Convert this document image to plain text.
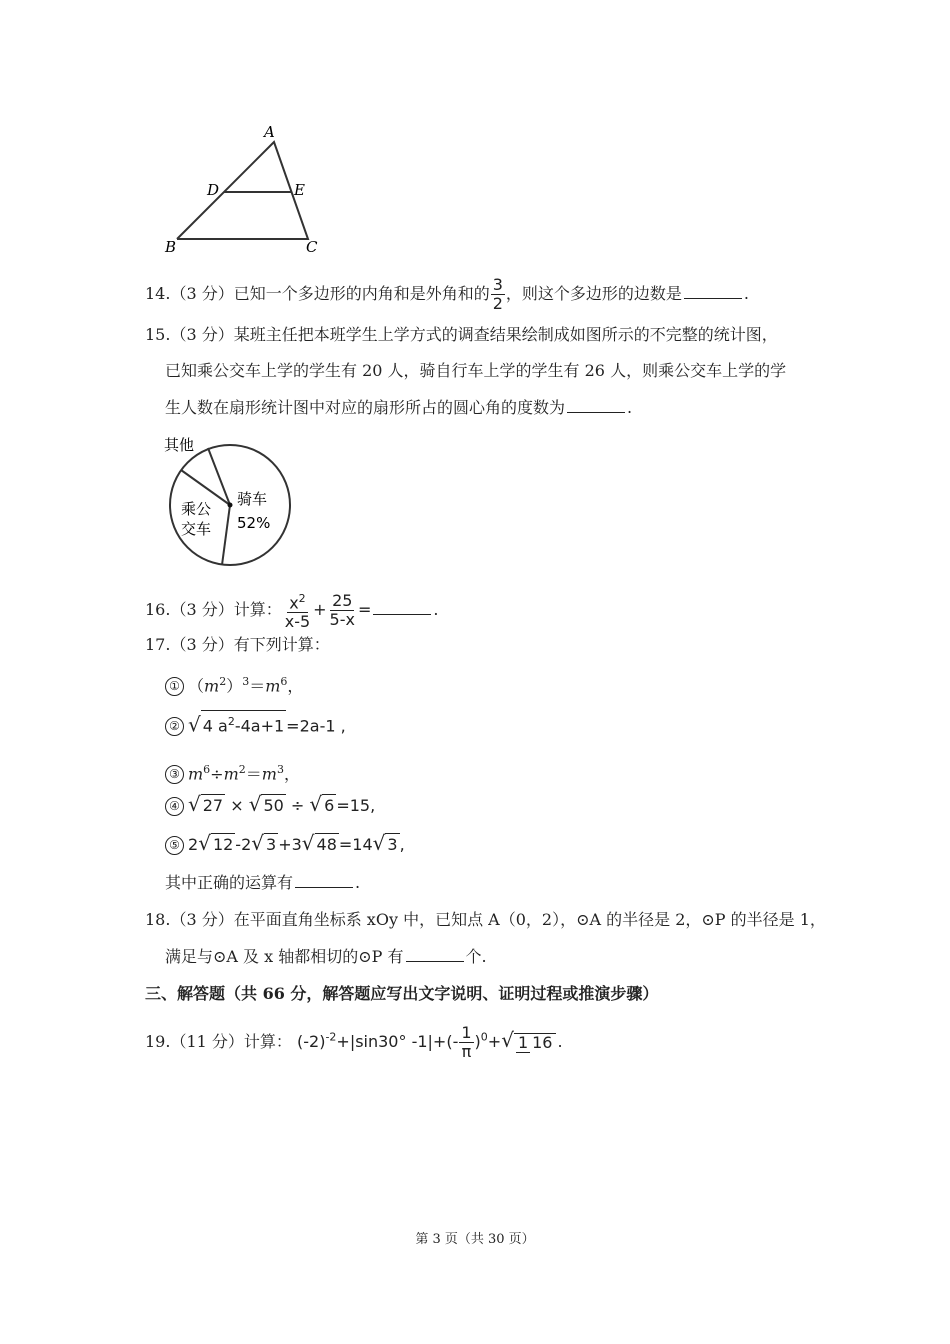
A
D	E
B	C
14.（3 分）已知一个多边形的内角和是外角和的 $\frac{3}{2}$ ，则这个多边形的边数是	.
15.（3 分）某班主任把本班学生上学方式的调查结果绘制成如图所示的不完整的统计图，
已知乘公交车上学的学生有 20 人，骑自行车上学的学生有 26 人，则乘公交车上学的学
生人数在扇形统计图中对应的扇形所占的圆心角的度数为	.
骑车
52%
乘公
交车
其他
16.（3 分）计算： $\frac{x^2}{x-5} + \frac{25}{5-x}$ =	.
17.（3 分）有下列计算：
① $(m^2)^3=m^6$，
② √ 4 $a^2-4a+1 =2a-1$ ,
③ $m^6\div m^2=m^3$，
④ √ 27 × √ 50 ÷ √ 6 =15,
⑤ 2√ 12 -2√ 3 +3√ 48 =14√ 3 ,
其中正确的运算有	.
18.（3 分）在平面直角坐标系 xOy 中，已知点 A（0，2），⊙A 的半径是 2，⊙P 的半径是 1，
满足与⊙A 及 x 轴都相切的⊙P 有	个.
三、解答题（共 66 分，解答题应写出文字说明、证明过程或推演步骤）
19.（11 分）计算： $(-2)^{-2}+|\sin 30^\circ$ $-1|+(- \frac{1}{\pi} )^0+√$ 1 16 .
第 3 页（共 30 页）
